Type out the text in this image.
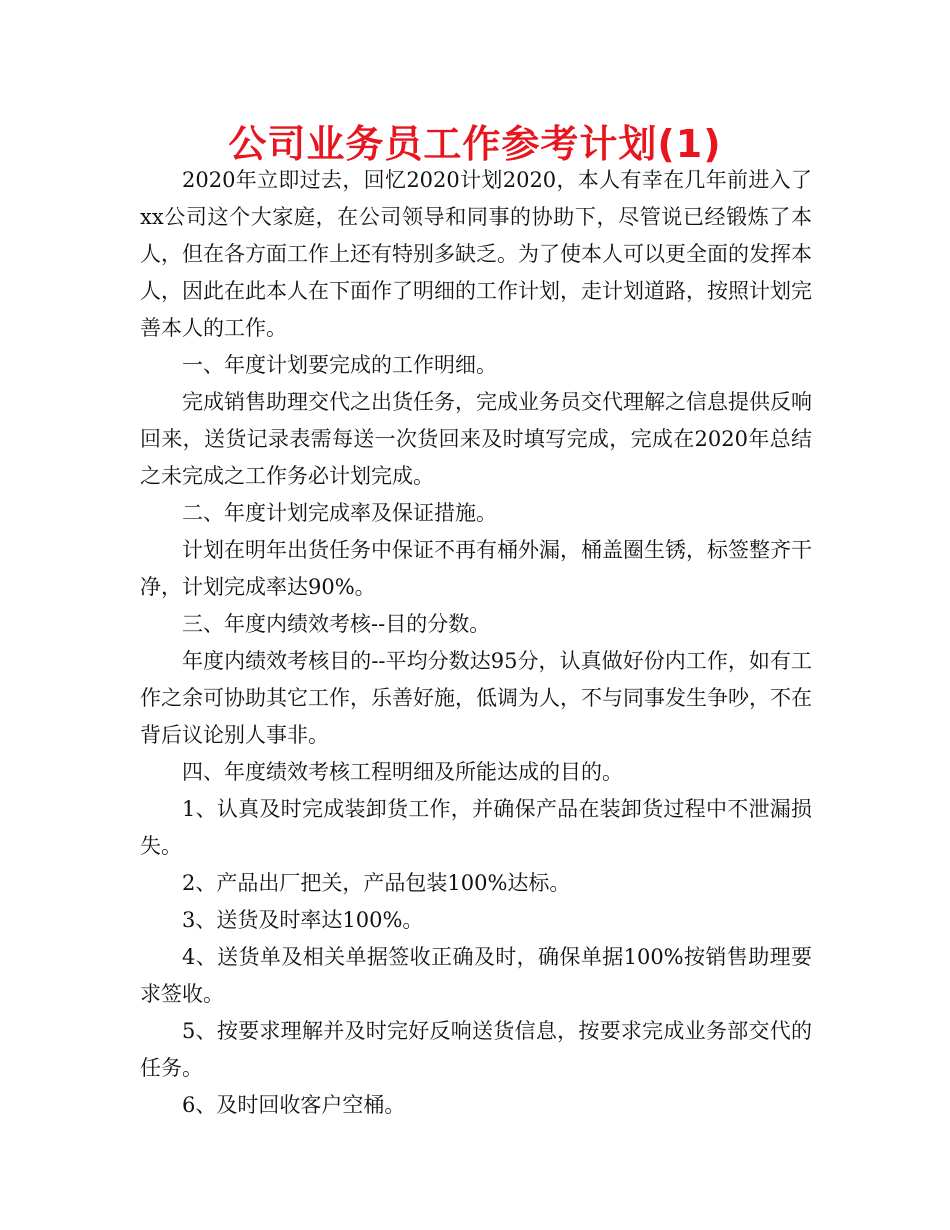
公司业务员工作参考计划(1)

2020年立即过去，回忆2020计划2020，本人有幸在几年前进入了xx公司这个大家庭，在公司领导和同事的协助下，尽管说已经锻炼了本人，但在各方面工作上还有特别多缺乏。为了使本人可以更全面的发挥本人，因此在此本人在下面作了明细的工作计划，走计划道路，按照计划完善本人的工作。

一、年度计划要完成的工作明细。

完成销售助理交代之出货任务，完成业务员交代理解之信息提供反响回来，送货记录表需每送一次货回来及时填写完成，完成在2020年总结之未完成之工作务必计划完成。

二、年度计划完成率及保证措施。

计划在明年出货任务中保证不再有桶外漏，桶盖圈生锈，标签整齐干净，计划完成率达90%。

三、年度内绩效考核--目的分数。

年度内绩效考核目的--平均分数达95分，认真做好份内工作，如有工作之余可协助其它工作，乐善好施，低调为人，不与同事发生争吵，不在背后议论别人事非。

四、年度绩效考核工程明细及所能达成的目的。

1、认真及时完成装卸货工作，并确保产品在装卸货过程中不泄漏损失。

2、产品出厂把关，产品包装100%达标。

3、送货及时率达100%。

4、送货单及相关单据签收正确及时，确保单据100%按销售助理要求签收。

5、按要求理解并及时完好反响送货信息，按要求完成业务部交代的任务。

6、及时回收客户空桶。
